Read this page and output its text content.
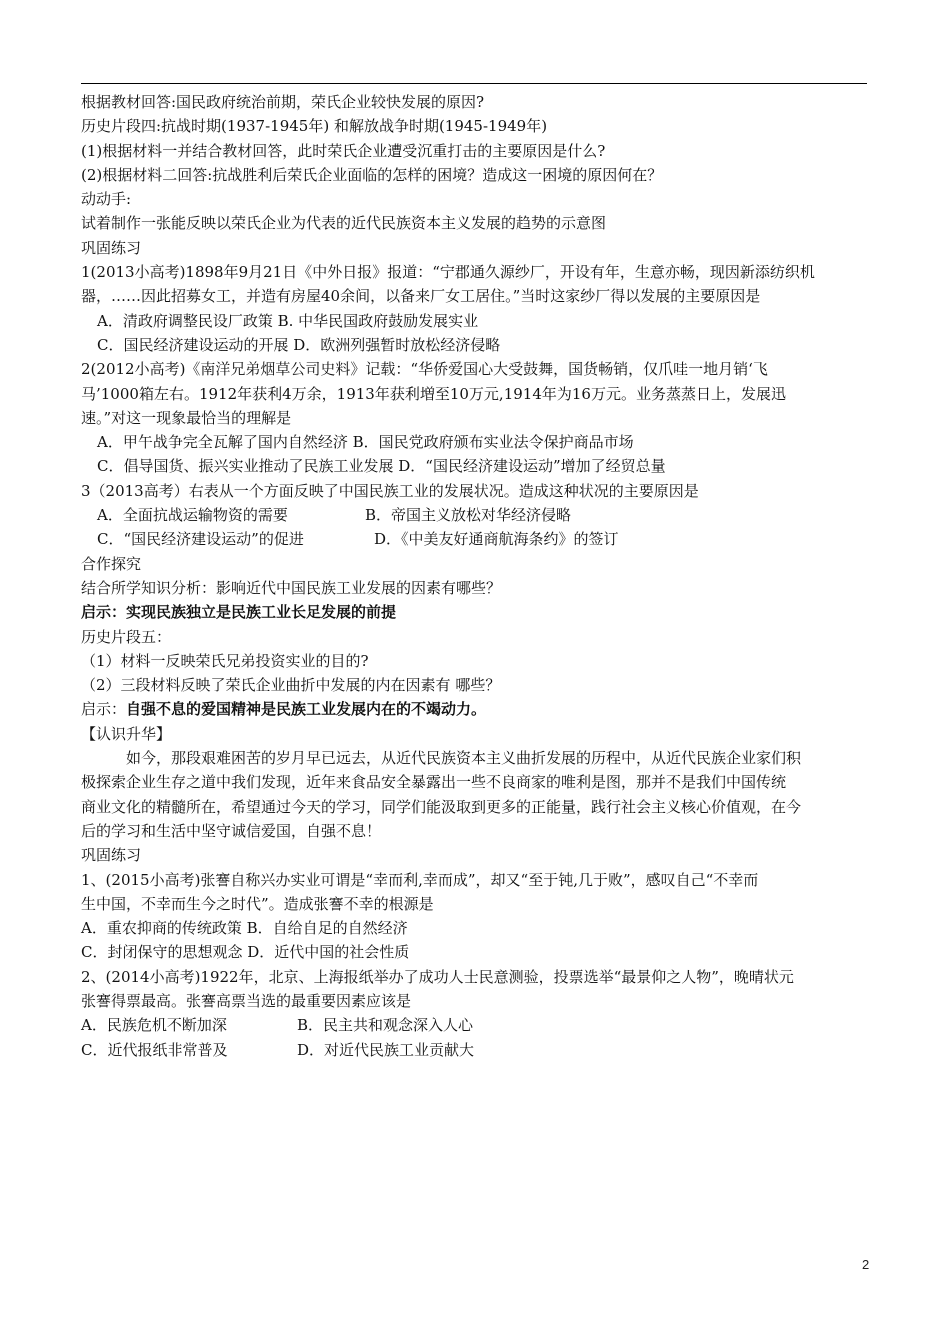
根据教材回答:国民政府统治前期，荣氏企业较快发展的原因?

历史片段四:抗战时期(1937-1945年) 和解放战争时期(1945-1949年)

(1)根据材料一并结合教材回答，此时荣氏企业遭受沉重打击的主要原因是什么?

(2)根据材料二回答:抗战胜利后荣氏企业面临的怎样的困境？造成这一困境的原因何在？

动动手:

试着制作一张能反映以荣氏企业为代表的近代民族资本主义发展的趋势的示意图

巩固练习

1(2013小高考)1898年9月21日《中外日报》报道：“宁郡通久源纱厂，开设有年，生意亦畅，现因新添纺织机

器，……因此招募女工，并造有房屋40余间，以备来厂女工居住。”当时这家纱厂得以发展的主要原因是

A．清政府调整民设厂政策 B. 中华民国政府鼓励发展实业

C．国民经济建设运动的开展 D．欧洲列强暂时放松经济侵略

2(2012小高考)《南洋兄弟烟草公司史料》记载：“华侨爱国心大受鼓舞，国货畅销，仅爪哇一地月销‘飞

马’1000箱左右。1912年获利4万余，1913年获利増至10万元,1914年为16万元。业务蒸蒸日上，发展迅

速。”对这一现象最恰当的理解是

A．甲午战争完全瓦解了国内自然经济 B．国民党政府颁布实业法令保护商品市场

C．倡导国货、振兴实业推动了民族工业发展 D．“国民经济建设运动”增加了经贸总量

3（2013高考）右表从一个方面反映了中国民族工业的发展状况。造成这种状况的主要原因是

A．全面抗战运输物资的需要	B．帝国主义放松对华经济侵略

C．“国民经济建设运动”的促进	D．《中美友好通商航海条约》的签订

合作探究

结合所学知识分析：影响近代中国民族工业发展的因素有哪些？

启示：实现民族独立是民族工业长足发展的前提

历史片段五：

（1）材料一反映荣氏兄弟投资实业的目的?

（2）三段材料反映了荣氏企业曲折中发展的内在因素有 哪些？

启示：自强不息的爱国精神是民族工业发展内在的不竭动力。

【认识升华】

如今，那段艰难困苦的岁月早已远去，从近代民族资本主义曲折发展的历程中，从近代民族企业家们积

极探索企业生存之道中我们发现，近年来食品安全暴露出一些不良商家的唯利是图，那并不是我们中国传统

商业文化的精髓所在，希望通过今天的学习，同学们能汲取到更多的正能量，践行社会主义核心价值观，在今

后的学习和生活中坚守诚信爱国，自强不息！

巩固练习

1、(2015小高考)张謇自称兴办实业可谓是“幸而利,幸而成”，却又“至于钝,几于败”，感叹自己“不幸而

生中国，不幸而生今之时代”。造成张謇不幸的根源是

A．重农抑商的传统政策 B．自给自足的自然经济

C．封闭保守的思想观念 D．近代中国的社会性质

2、(2014小高考)1922年，北京、上海报纸举办了成功人士民意测验，投票选举“最景仰之人物”，晚晴状元

张謇得票最高。张謇高票当选的最重要因素应该是

A．民族危机不断加深	B．民主共和观念深入人心

C．近代报纸非常普及	D．对近代民族工业贡献大

2
